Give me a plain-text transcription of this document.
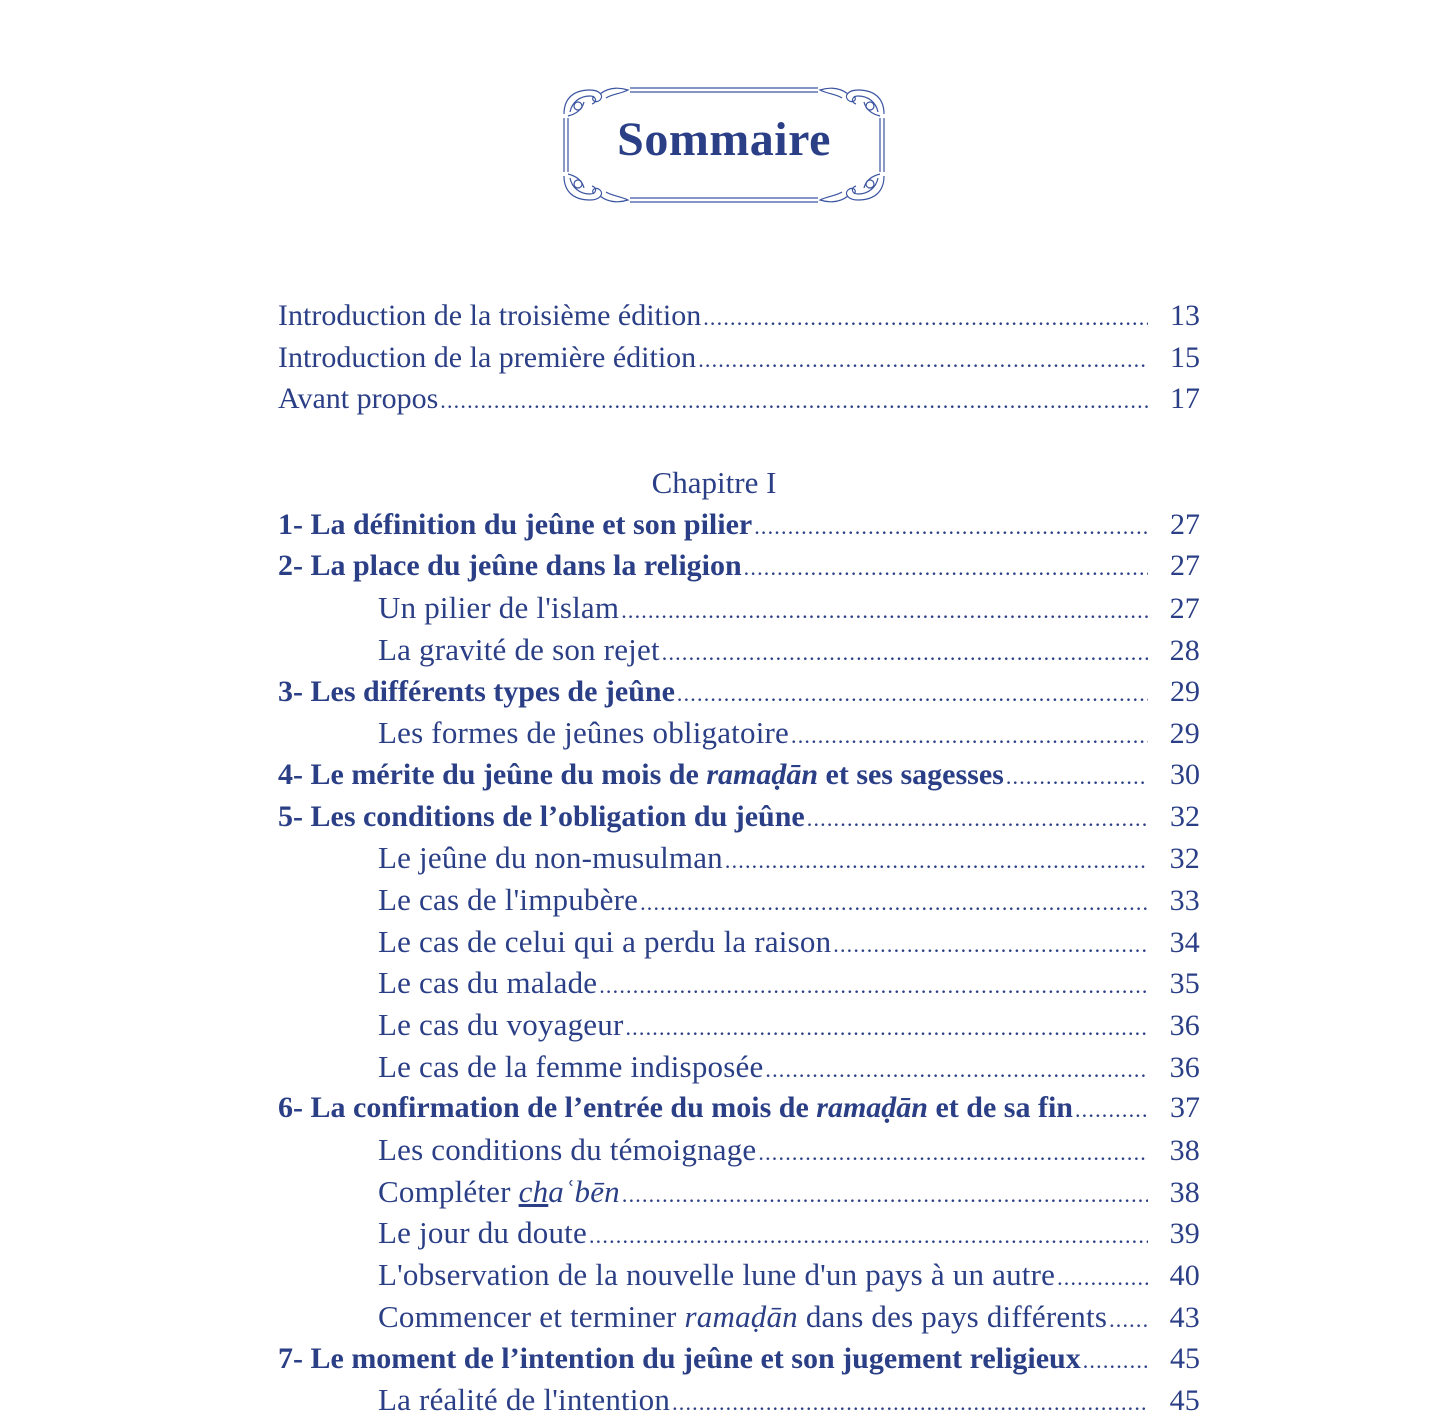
Sommaire
Introduction de la troisième édition .....	13
Introduction de la première édition .....	15
Avant propos .....	17
Chapitre I
1- La définition du jeûne et son pilier .....	27
2- La place du jeûne dans la religion .....	27
Un pilier de l'islam .....	27
La gravité de son rejet .....	28
3- Les différents types de jeûne .....	29
Les formes de jeûnes obligatoire .....	29
4- Le mérite du jeûne du mois de ramaḍān et ses sagesses .....	30
5- Les conditions de l’obligation du jeûne .....	32
Le jeûne du non-musulman .....	32
Le cas de l'impubère .....	33
Le cas de celui qui a perdu la raison .....	34
Le cas du malade .....	35
Le cas du voyageur .....	36
Le cas de la femme indisposée .....	36
6- La confirmation de l’entrée du mois de ramaḍān et de sa fin .....	37
Les conditions du témoignage .....	38
Compléter chaʿbēn .....	38
Le jour du doute .....	39
L'observation de la nouvelle lune d'un pays à un autre .....	40
Commencer et terminer ramaḍān dans des pays différents .....	43
7- Le moment de l’intention du jeûne et son jugement religieux .....	45
La réalité de l'intention .....	45
